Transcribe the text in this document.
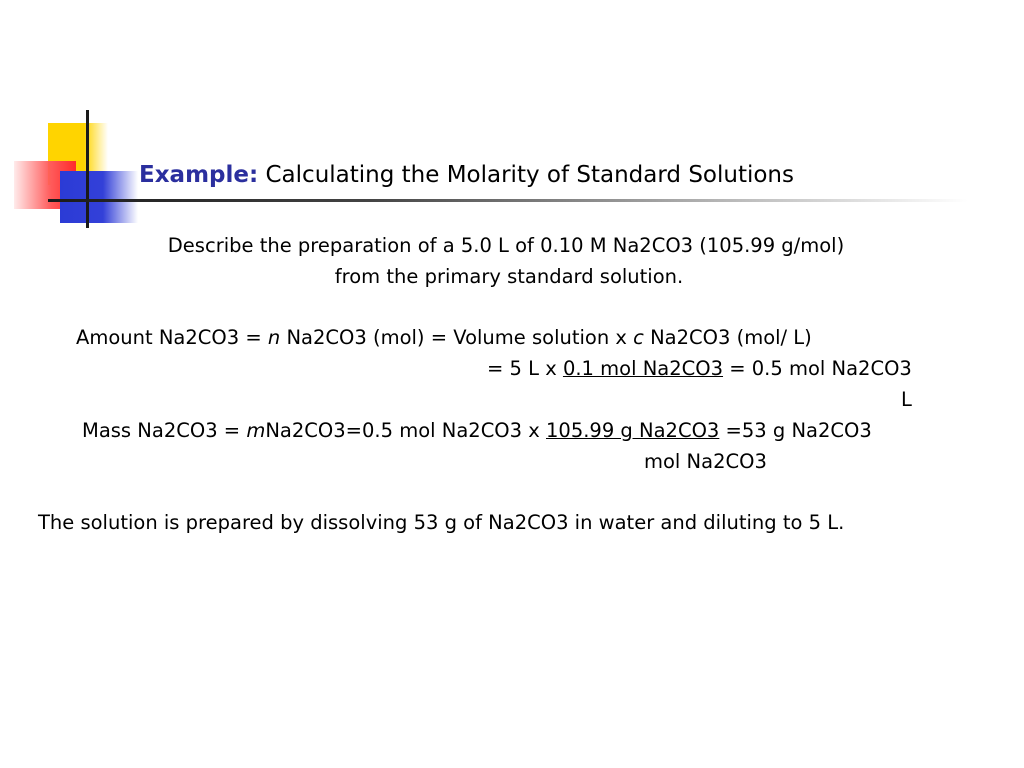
Example: Calculating the Molarity of Standard Solutions
Describe the preparation of a 5.0 L of 0.10 M Na2CO3 (105.99 g/mol)
from the primary standard solution.
Amount Na2CO3 = n Na2CO3 (mol) = Volume solution x c Na2CO3 (mol/ L)
= 5 L x 0.1 mol Na2CO3 = 0.5 mol Na2CO3
L
Mass Na2CO3 = mNa2CO3=0.5 mol Na2CO3 x 105.99 g Na2CO3 =53 g Na2CO3
mol Na2CO3
The solution is prepared by dissolving 53 g of Na2CO3 in water and diluting to 5 L.
